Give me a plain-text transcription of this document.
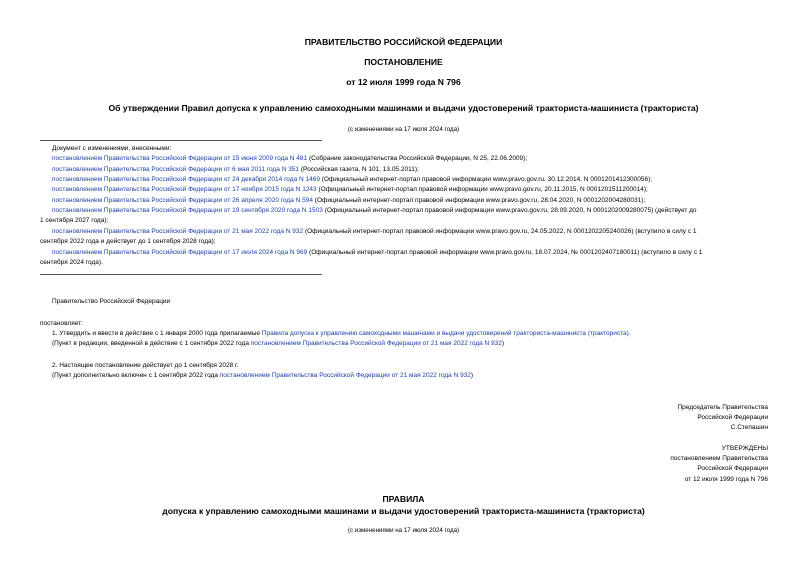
ПРАВИТЕЛЬСТВО РОССИЙСКОЙ ФЕДЕРАЦИИ
ПОСТАНОВЛЕНИЕ
от 12 июля 1999 года N 796
Об утверждении Правил допуска к управлению самоходными машинами и выдачи удостоверений тракториста-машиниста (тракториста)
(с изменениями на 17 июля 2024 года)
Документ с изменениями, внесенными:
постановлением Правительства Российской Федерации от 15 июня 2009 года N 481 (Собрание законодательства Российской Федерации, N 25, 22.06.2009);
постановлением Правительства Российской Федерации от 6 мая 2011 года N 351 (Российская газета, N 101, 13.05.2011);
постановлением Правительства Российской Федерации от 24 декабря 2014 года N 1469 (Официальный интернет-портал правовой информации www.pravo.gov.ru, 30.12.2014, N 0001201412300056);
постановлением Правительства Российской Федерации от 17 ноября 2015 года N 1243 (Официальный интернет-портал правовой информации www.pravo.gov.ru, 20.11.2015, N 0001201511200014);
постановлением Правительства Российской Федерации от 26 апреля 2020 года N 594 (Официальный интернет-портал правовой информации www.pravo.gov.ru, 28.04.2020, N 0001202004280031);
постановлением Правительства Российской Федерации от 19 сентября 2020 года N 1503 (Официальный интернет-портал правовой информации www.pravo.gov.ru, 28.09.2020, N 0001202009280075) (действует до
1 сентября 2027 года);
постановлением Правительства Российской Федерации от 21 мая 2022 года N 932 (Официальный интернет-портал правовой информации www.pravo.gov.ru, 24.05.2022, N 0001202205240026) (вступило в силу с 1
сентября 2022 года и действует до 1 сентября 2028 года);
постановлением Правительства Российской Федерации от 17 июля 2024 года N 969 (Официальный интернет-портал правовой информации www.pravo.gov.ru, 18.07.2024, № 0001202407180011) (вступило в силу с 1
сентября 2024 года).
Правительство Российской Федерации
постановляет:
1. Утвердить и ввести в действие с 1 января 2000 года прилагаемые Правила допуска к управлению самоходными машинами и выдачи удостоверений тракториста-машиниста (тракториста).
(Пункт в редакции, введенной в действие с 1 сентября 2022 года постановлением Правительства Российской Федерации от 21 мая 2022 года N 932)
2. Настоящее постановление действует до 1 сентября 2028 г.
(Пункт дополнительно включен с 1 сентября 2022 года постановлением Правительства Российской Федерации от 21 мая 2022 года N 932)
Председатель Правительства
Российской Федерации
С.Степашин
УТВЕРЖДЕНЫ
постановлением Правительства
Российской Федерации
от 12 июля 1999 года N 796
ПРАВИЛА
допуска к управлению самоходными машинами и выдачи удостоверений тракториста-машиниста (тракториста)
(с изменениями на 17 июля 2024 года)
